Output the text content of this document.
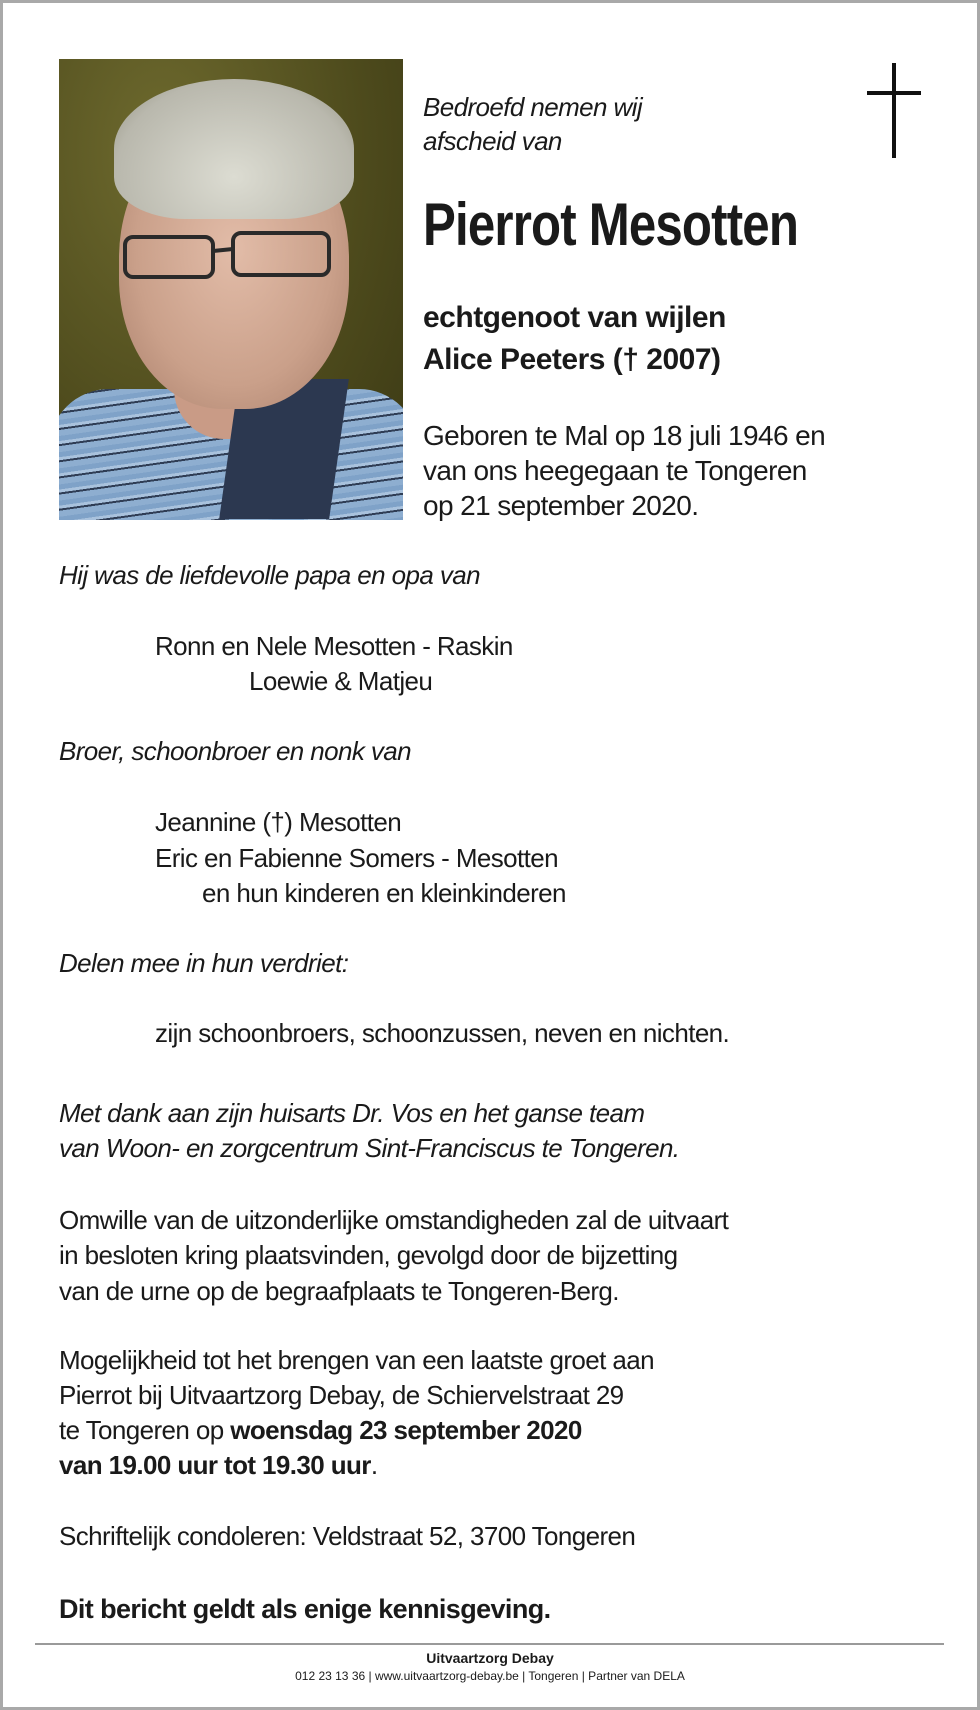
Bedroefd nemen wij
afscheid van
Pierrot Mesotten
echtgenoot van wijlen
Alice Peeters († 2007)
Geboren te Mal op 18 juli 1946 en
van ons heegegaan te Tongeren
op 21 september 2020.
Hij was de liefdevolle papa en opa van
Ronn en Nele Mesotten - Raskin
Loewie & Matjeu
Broer, schoonbroer en nonk van
Jeannine (†) Mesotten
Eric en Fabienne Somers - Mesotten
en hun kinderen en kleinkinderen
Delen mee in hun verdriet:
zijn schoonbroers, schoonzussen, neven en nichten.
Met dank aan zijn huisarts Dr. Vos en het ganse team
van Woon- en zorgcentrum Sint-Franciscus te Tongeren.
Omwille van de uitzonderlijke omstandigheden zal de uitvaart
in besloten kring plaatsvinden, gevolgd door de bijzetting
van de urne op de begraafplaats te Tongeren-Berg.
Mogelijkheid tot het brengen van een laatste groet aan
Pierrot bij Uitvaartzorg Debay, de Schiervelstraat 29
te Tongeren op woensdag 23 september 2020
van 19.00 uur tot 19.30 uur.
Schriftelijk condoleren: Veldstraat 52, 3700 Tongeren
Dit bericht geldt als enige kennisgeving.
Uitvaartzorg Debay
012 23 13 36 | www.uitvaartzorg-debay.be | Tongeren | Partner van DELA
